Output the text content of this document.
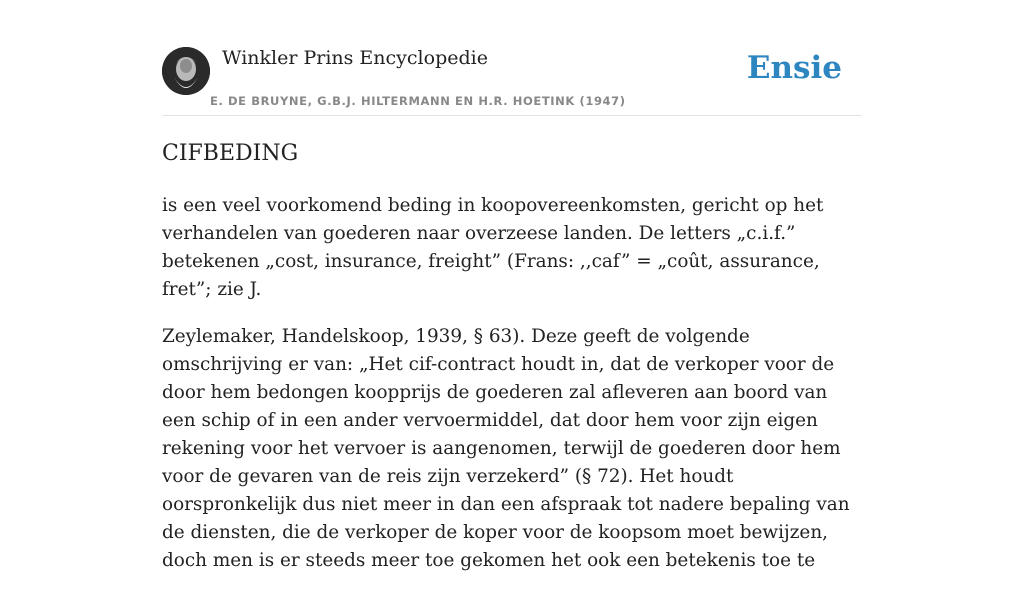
Winkler Prins Encyclopedie
E. DE BRUYNE, G.B.J. HILTERMANN EN H.R. HOETINK (1947)
Ensie
CIFBEDING

is een veel voorkomend beding in koopovereenkomsten, gericht op het verhandelen van goederen naar overzeese landen. De letters „c.i.f.” betekenen „cost, insurance, freight” (Frans: ,,caf” = „coût, assurance, fret”; zie J.

Zeylemaker, Handelskoop, 1939, § 63). Deze geeft de volgende omschrijving er van: „Het cif-contract houdt in, dat de verkoper voor de door hem bedongen koopprijs de goederen zal afleveren aan boord van een schip of in een ander vervoermiddel, dat door hem voor zijn eigen rekening voor het vervoer is aangenomen, terwijl de goederen door hem voor de gevaren van de reis zijn verzekerd” (§ 72). Het houdt oorspronkelijk dus niet meer in dan een afspraak tot nadere bepaling van de diensten, die de verkoper de koper voor de koopsom moet bewijzen, doch men is er steeds meer toe gekomen het ook een betekenis toe te
